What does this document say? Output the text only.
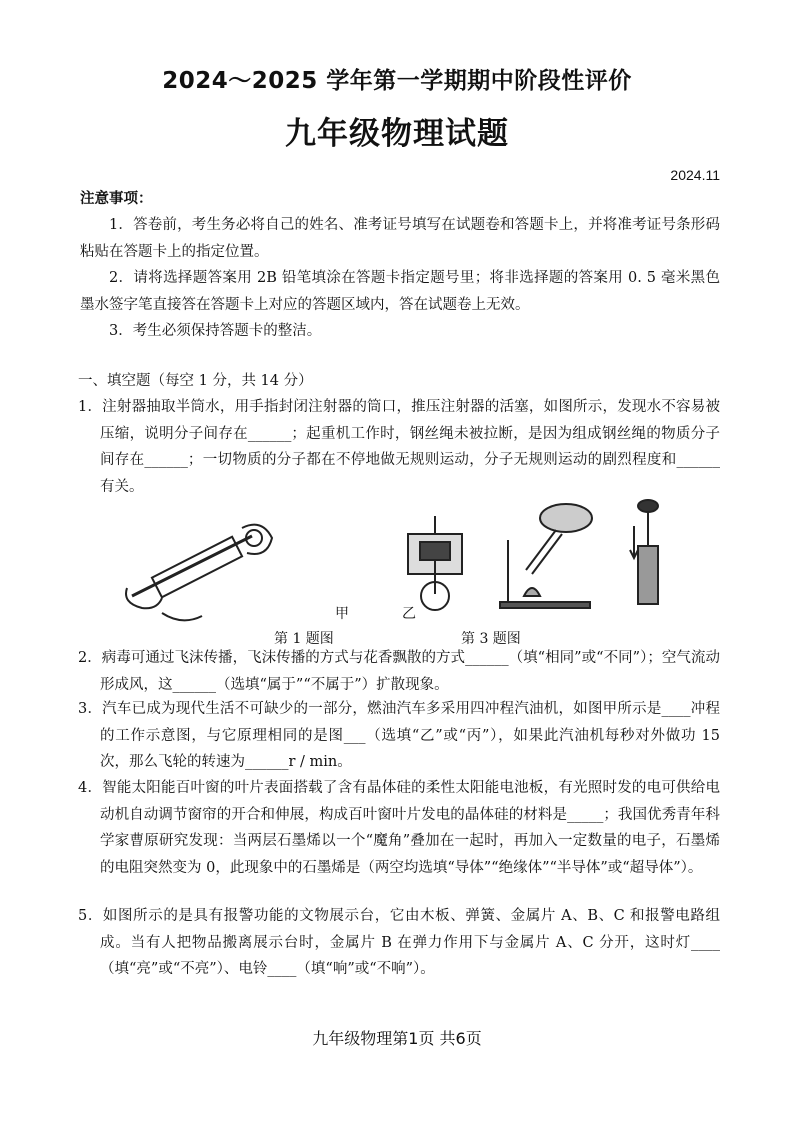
2024～2025 学年第一学期期中阶段性评价
九年级物理试题
2024.11
注意事项：
1．答卷前，考生务必将自己的姓名、准考证号填写在试题卷和答题卡上，并将准考证号条形码粘贴在答题卡上的指定位置。
2．请将选择题答案用 2B 铅笔填涂在答题卡指定题号里；将非选择题的答案用 0. 5 毫米黑色墨水签字笔直接答在答题卡上对应的答题区域内，答在试题卷上无效。
3．考生必须保持答题卡的整洁。
一、填空题（每空 1 分，共 14 分）
1．注射器抽取半筒水，用手指封闭注射器的筒口，推压注射器的活塞，如图所示，发现水不容易被压缩，说明分子间存在______；起重机工作时，钢丝绳未被拉断，是因为组成钢丝绳的物质分子间存在______；一切物质的分子都在不停地做无规则运动，分子无规则运动的剧烈程度和______有关。
甲	乙
第 1 题图	第 3 题图
2．病毒可通过飞沫传播，飞沫传播的方式与花香飘散的方式______（填“相同”或“不同”）；空气流动形成风，这______（选填“属于”“不属于”）扩散现象。
3．汽车已成为现代生活不可缺少的一部分，燃油汽车多采用四冲程汽油机，如图甲所示是____冲程的工作示意图，与它原理相同的是图___（选填“乙”或“丙”），如果此汽油机每秒对外做功 15 次，那么飞轮的转速为______r / min。
4．智能太阳能百叶窗的叶片表面搭载了含有晶体硅的柔性太阳能电池板，有光照时发的电可供给电动机自动调节窗帘的开合和伸展，构成百叶窗叶片发电的晶体硅的材料是_____；我国优秀青年科学家曹原研究发现：当两层石墨烯以一个“魔角”叠加在一起时，再加入一定数量的电子，石墨烯的电阻突然变为 0，此现象中的石墨烯是（两空均选填“导体”“绝缘体”“半导体”或“超导体”）。
5．如图所示的是具有报警功能的文物展示台，它由木板、弹簧、金属片 A、B、C 和报警电路组成。当有人把物品搬离展示台时，金属片 B 在弹力作用下与金属片 A、C 分开，这时灯____（填“亮”或“不亮”）、电铃____（填“响”或“不响”）。
九年级物理第1页 共6页
